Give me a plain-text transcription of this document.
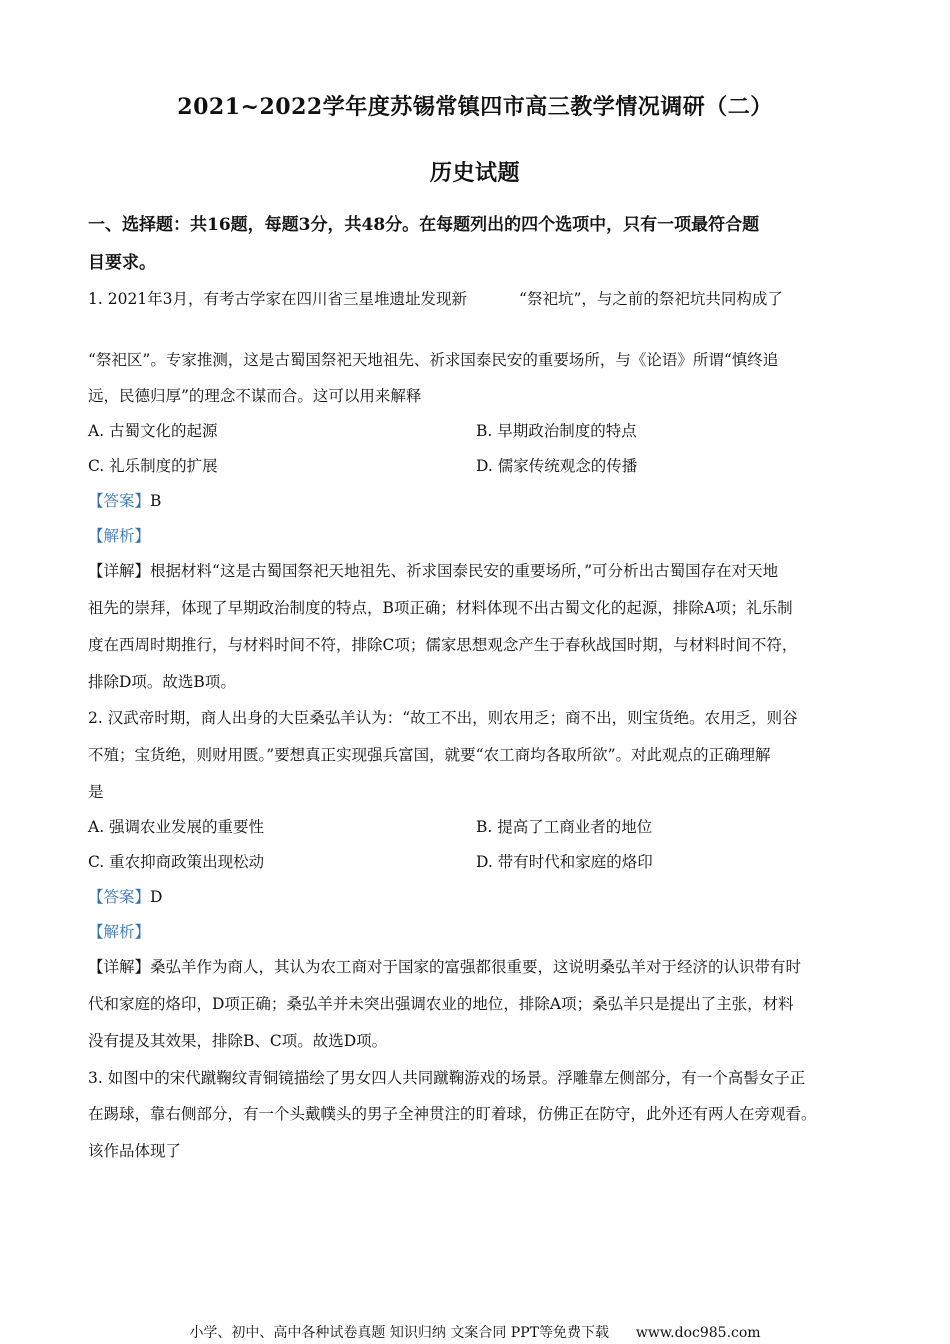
2021~2022学年度苏锡常镇四市高三教学情况调研（二）
历史试题
一、选择题：共16题，每题3分，共48分。在每题列出的四个选项中，只有一项最符合题
目要求。
1. 2021年3月，有考古学家在四川省三星堆遗址发现新	“祭祀坑”，与之前的祭祀坑共同构成了
“祭祀区”。专家推测，这是古蜀国祭祀天地祖先、祈求国泰民安的重要场所，与《论语》所谓“慎终追
远，民德归厚”的理念不谋而合。这可以用来解释
A. 古蜀文化的起源	B. 早期政治制度的特点
C. 礼乐制度的扩展	D. 儒家传统观念的传播
【答案】B
【解析】
【详解】根据材料“这是古蜀国祭祀天地祖先、祈求国泰民安的重要场所，”可分析出古蜀国存在对天地
祖先的崇拜，体现了早期政治制度的特点，B项正确；材料体现不出古蜀文化的起源，排除A项；礼乐制
度在西周时期推行，与材料时间不符，排除C项；儒家思想观念产生于春秋战国时期，与材料时间不符，
排除D项。故选B项。
2. 汉武帝时期，商人出身的大臣桑弘羊认为：“故工不出，则农用乏；商不出，则宝货绝。农用乏，则谷
不殖；宝货绝，则财用匮。”要想真正实现强兵富国，就要“农工商均各取所欲”。对此观点的正确理解
是
A. 强调农业发展的重要性	B. 提高了工商业者的地位
C. 重农抑商政策出现松动	D. 带有时代和家庭的烙印
【答案】D
【解析】
【详解】桑弘羊作为商人，其认为农工商对于国家的富强都很重要，这说明桑弘羊对于经济的认识带有时
代和家庭的烙印，D项正确；桑弘羊并未突出强调农业的地位，排除A项；桑弘羊只是提出了主张，材料
没有提及其效果，排除B、C项。故选D项。
3. 如图中的宋代蹴鞠纹青铜镜描绘了男女四人共同蹴鞠游戏的场景。浮雕靠左侧部分，有一个高髻女子正
在踢球，靠右侧部分，有一个头戴幞头的男子全神贯注的盯着球，仿佛正在防守，此外还有两人在旁观看。
该作品体现了
小学、初中、高中各种试卷真题 知识归纳 文案合同 PPT等免费下载 www.doc985.com
